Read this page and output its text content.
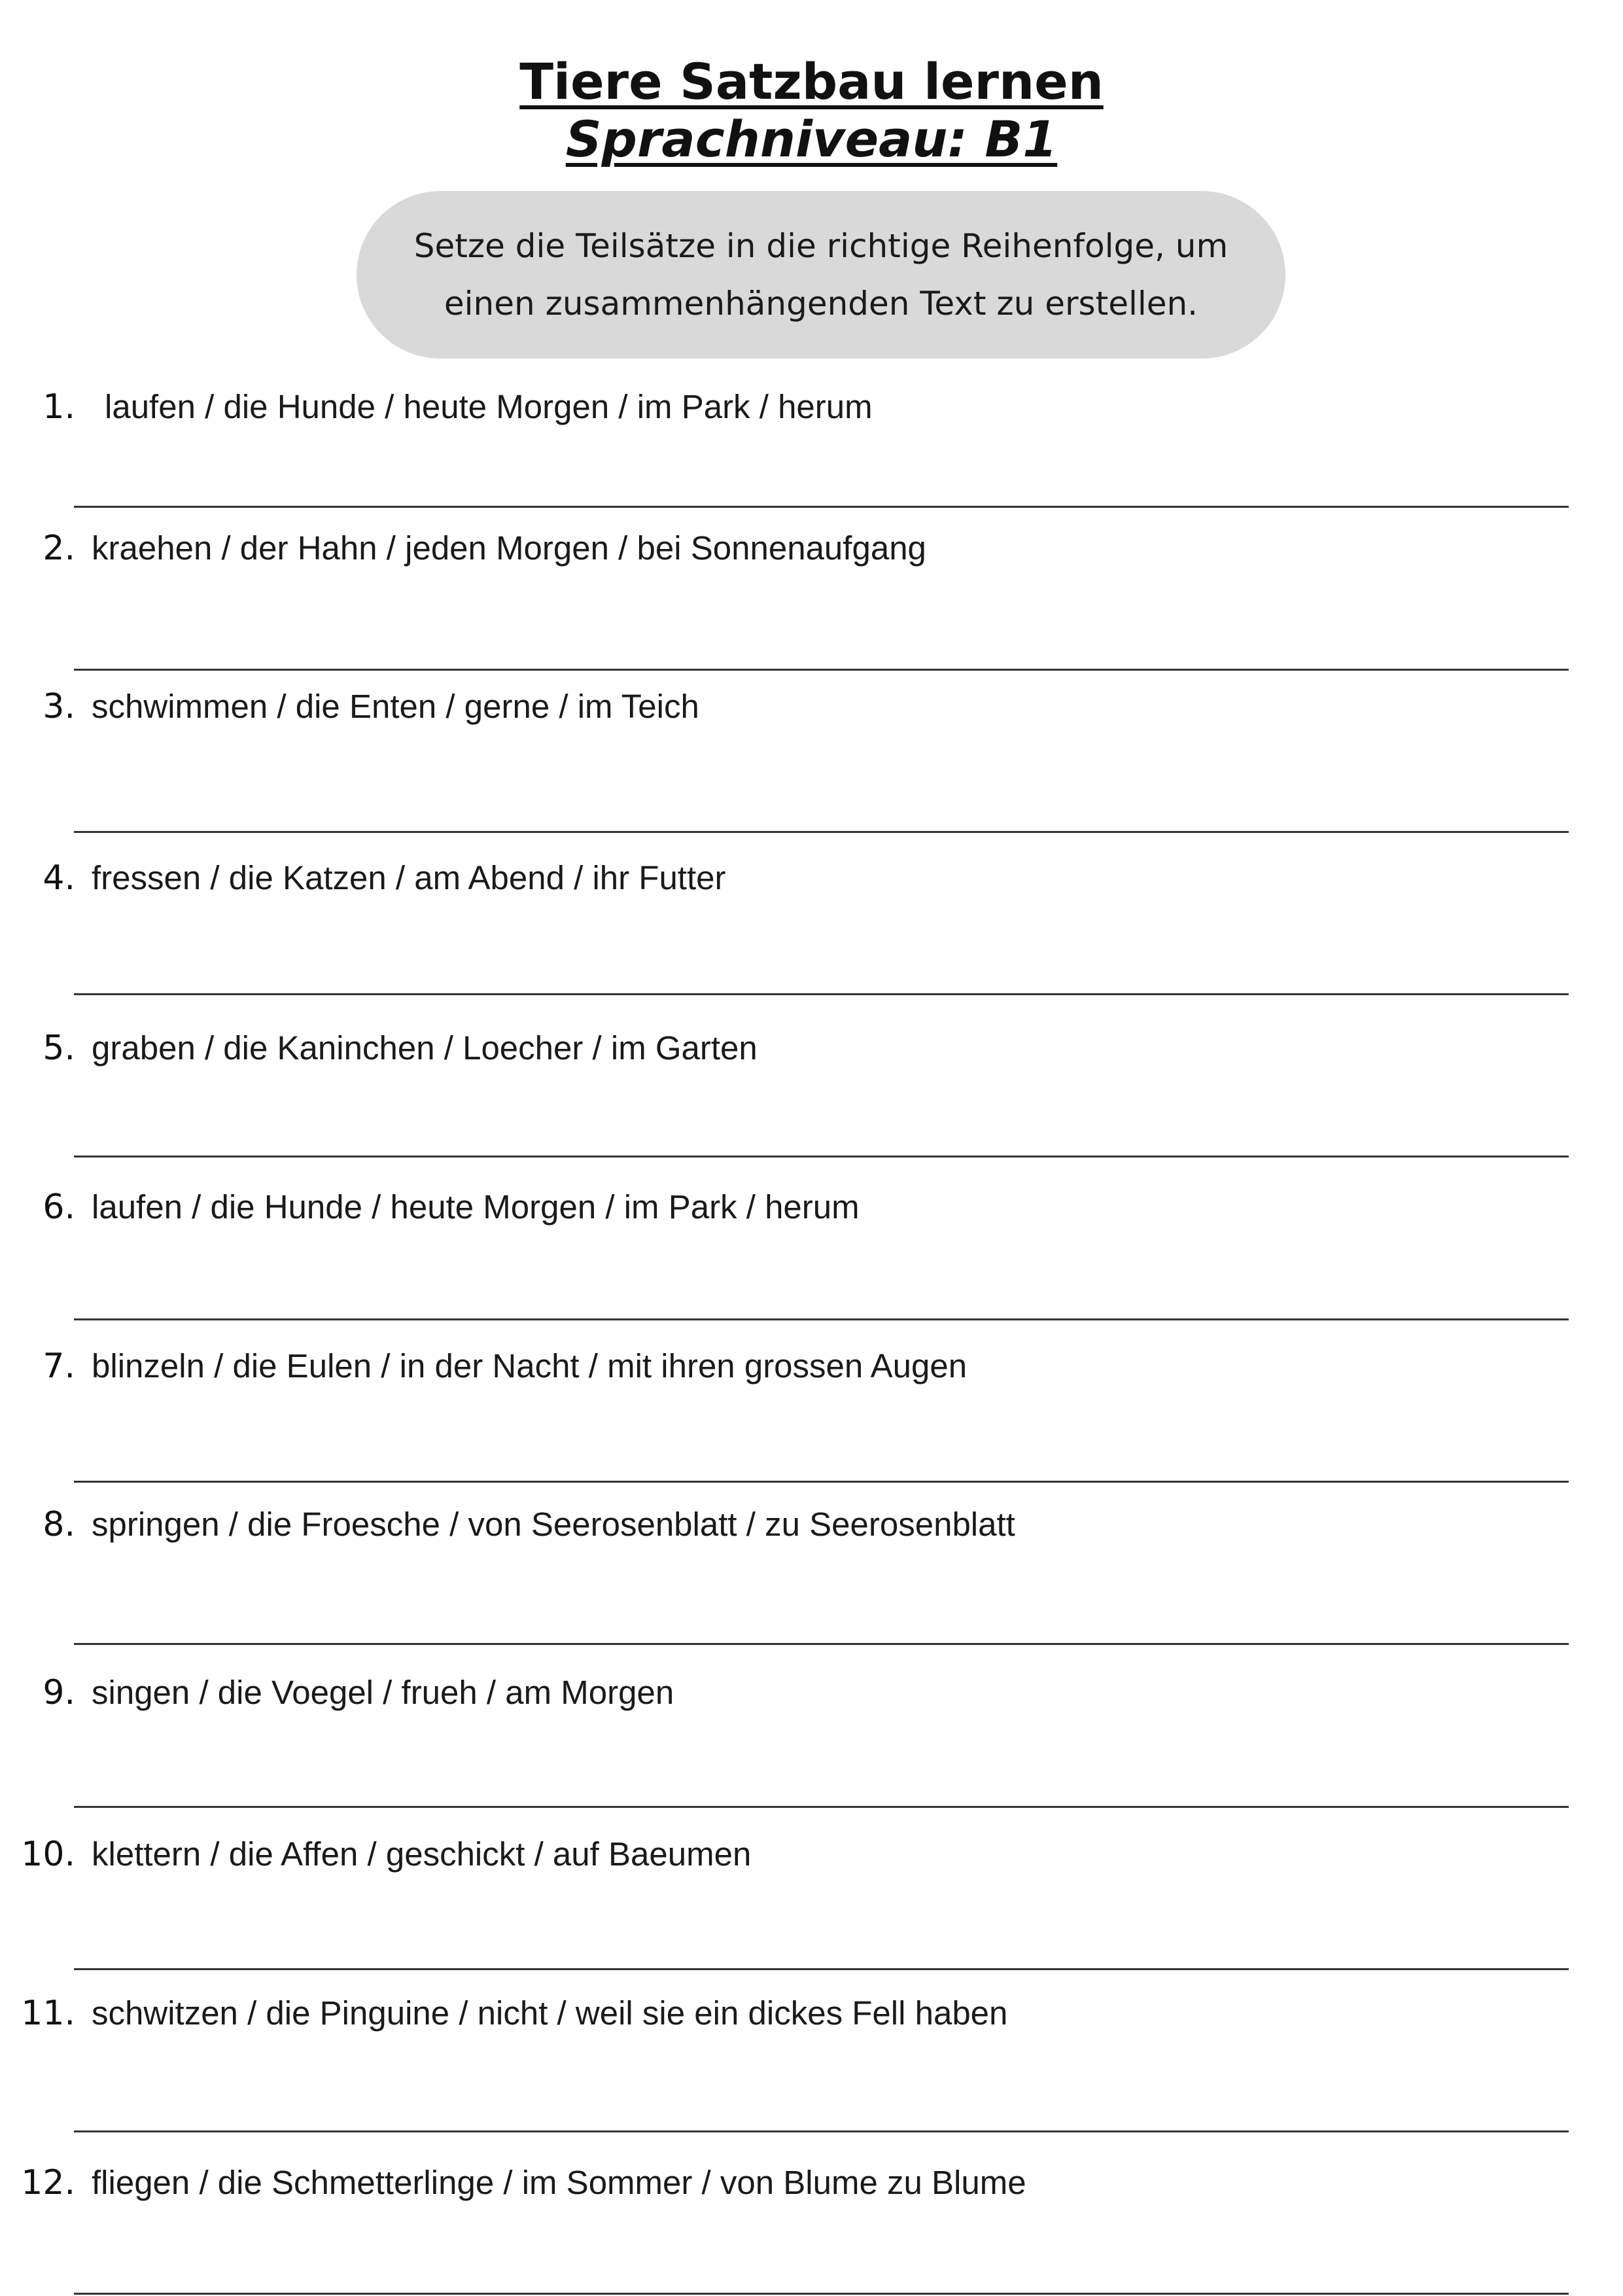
Tiere Satzbau lernen
Sprachniveau: B1
Setze die Teilsätze in die richtige Reihenfolge, um einen zusammenhängenden Text zu erstellen.
1. laufen / die Hunde / heute Morgen / im Park / herum
2. kraehen / der Hahn / jeden Morgen / bei Sonnenaufgang
3. schwimmen / die Enten / gerne / im Teich
4. fressen / die Katzen / am Abend / ihr Futter
5. graben / die Kaninchen / Loecher / im Garten
6. laufen / die Hunde / heute Morgen / im Park / herum
7. blinzeln / die Eulen / in der Nacht / mit ihren grossen Augen
8. springen / die Froesche / von Seerosenblatt / zu Seerosenblatt
9. singen / die Voegel / frueh / am Morgen
10. klettern / die Affen / geschickt / auf Baeumen
11. schwitzen / die Pinguine / nicht / weil sie ein dickes Fell haben
12. fliegen / die Schmetterlinge / im Sommer / von Blume zu Blume
